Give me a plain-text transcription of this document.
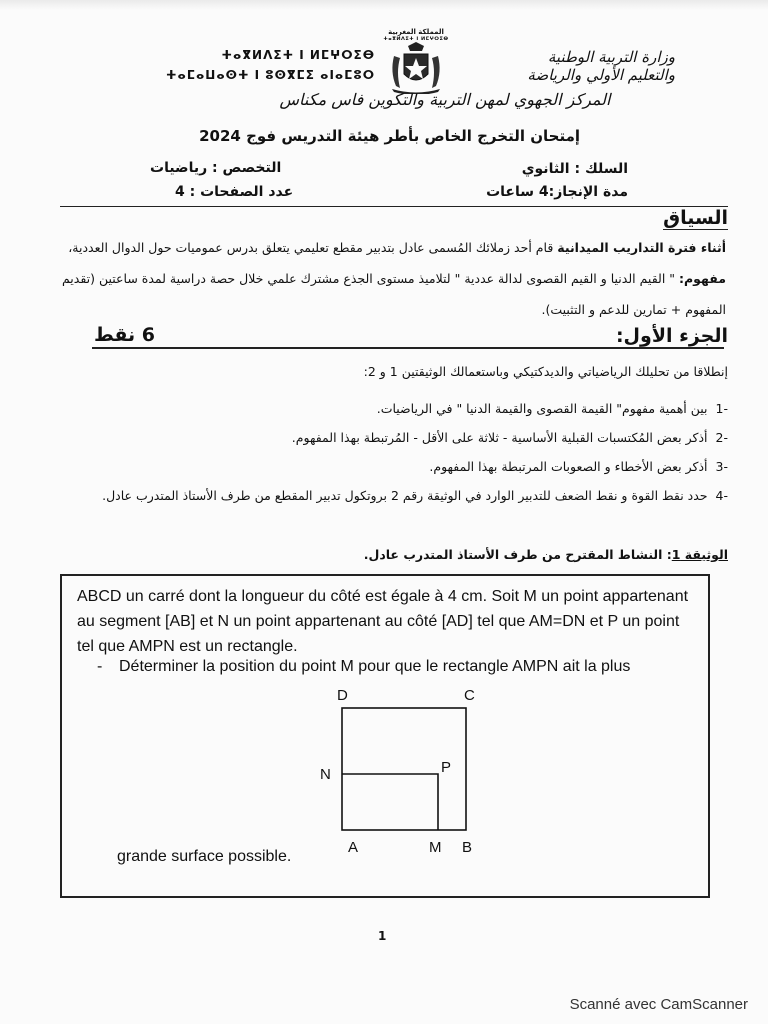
ⵜⴰⴳⵍⴷⵉⵜ ⵏ ⵍⵎⵖⵔⵉⴱ
ⵜⴰⵎⴰⵡⴰⵙⵜ ⵏ ⵓⵙⴳⵎⵉ ⴰⵏⴰⵎⵓⵔ
المملكة المغربية
ⵜⴰⴳⵍⴷⵉⵜ ⵏ ⵍⵎⵖⵔⵉⴱ
وزارة التربية الوطنية
والتعليم الأولي والرياضة
المركز الجهوي لمهن التربية والتكوين فاس مكناس
إمتحان التخرج الخاص بأطر هيئة التدريس فوج 2024
السلك : الثانوي
مدة الإنجاز:4 ساعات
التخصص : رياضيات
عدد الصفحات : 4
السياق
أثناء فترة التداريب الميدانية قام أحد زملائك المُسمى عادل بتدبير مقطع تعليمي يتعلق بدرس عموميات حول الدوال العددية، مفهوم: " القيم الدنيا و القيم القصوى لدالة عددية " لتلاميذ مستوى الجذع مشترك علمي خلال حصة دراسية لمدة ساعتين (تقديم المفهوم + تمارين للدعم و التثبيت).
الجزء الأول:
6 نقط
إنطلاقا من تحليلك الرياضياتي والديدكتيكي وباستعمالك الوثيقتين 1 و 2:
-1بين أهمية مفهوم" القيمة القصوى والقيمة الدنيا " في الرياضيات.
-2أذكر بعض المُكتسبات القبلية الأساسية - ثلاثة على الأقل - المُرتبطة بهذا المفهوم.
-3أذكر بعض الأخطاء و الصعوبات المرتبطة بهذا المفهوم.
-4حدد نقط القوة و نقط الضعف للتدبير الوارد في الوثيقة رقم 2 بروتكول تدبير المقطع من طرف الأستاذ المتدرب عادل.
الوثيقة 1: النشاط المقترح من طرف الأستاذ المتدرب عادل.
ABCD un carré dont la longueur du côté est égale à 4 cm. Soit M un point appartenant au segment [AB] et N un point appartenant au côté [AD] tel que AM=DN et P un point tel que AMPN est un rectangle.
- Déterminer la position du point M pour que le rectangle AMPN ait la plus
D	C
N	P
A	M B
grande surface possible.
1
Scanné avec CamScanner
